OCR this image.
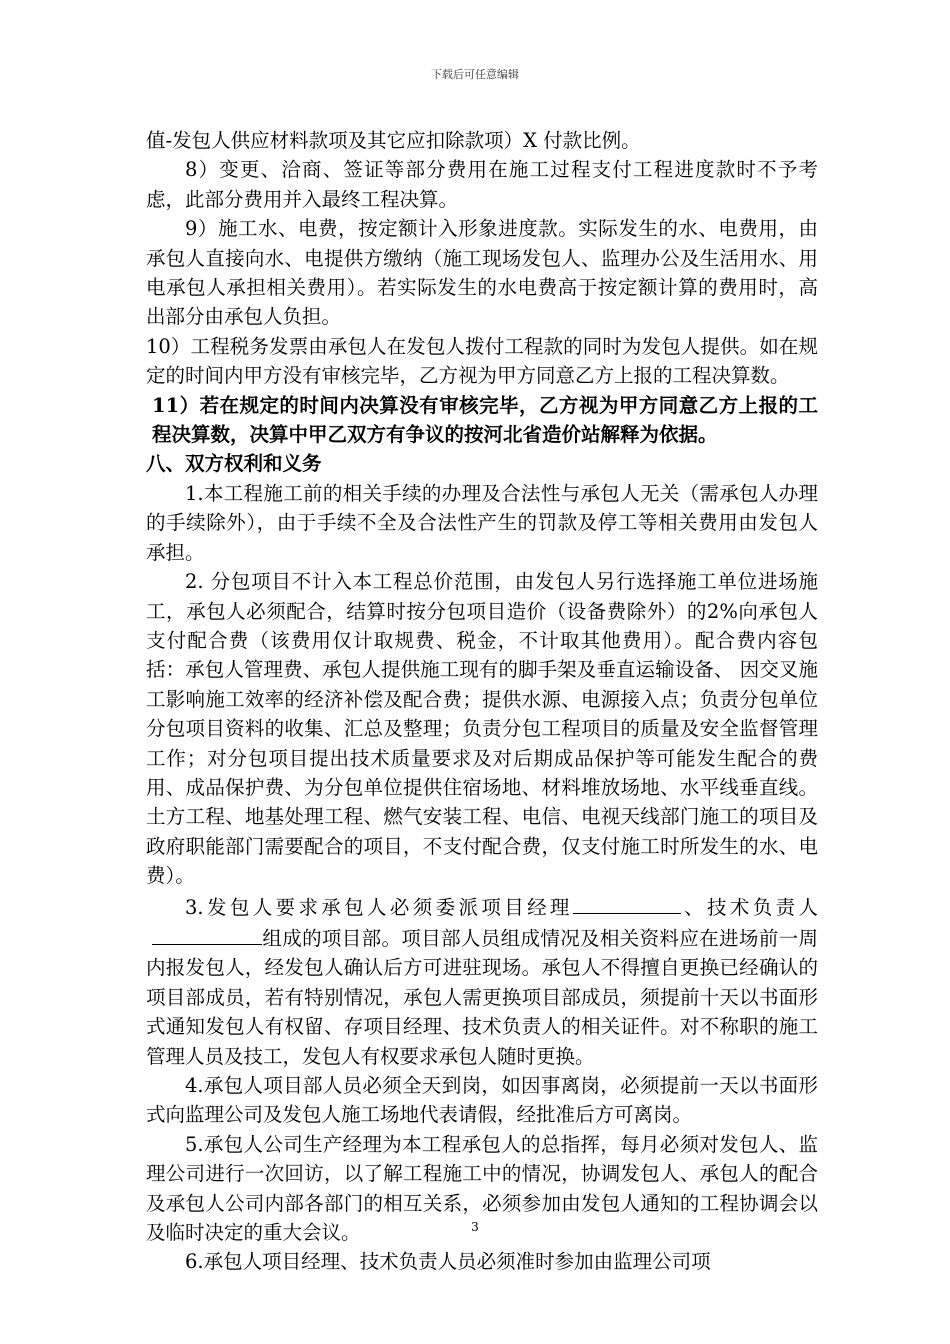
下载后可任意编辑

值-发包人供应材料款项及其它应扣除款项）X 付款比例。

8）变更、洽商、签证等部分费用在施工过程支付工程进度款时不予考虑，此部分费用并入最终工程决算。

9）施工水、电费，按定额计入形象进度款。实际发生的水、电费用，由承包人直接向水、电提供方缴纳（施工现场发包人、监理办公及生活用水、用电承包人承担相关费用）。若实际发生的水电费高于按定额计算的费用时，高出部分由承包人负担。

10）工程税务发票由承包人在发包人拨付工程款的同时为发包人提供。如在规定的时间内甲方没有审核完毕，乙方视为甲方同意乙方上报的工程决算数。

11）若在规定的时间内决算没有审核完毕，乙方视为甲方同意乙方上报的工程决算数，决算中甲乙双方有争议的按河北省造价站解释为依据。

八、双方权利和义务

1.本工程施工前的相关手续的办理及合法性与承包人无关（需承包人办理的手续除外），由于手续不全及合法性产生的罚款及停工等相关费用由发包人承担。

2. 分包项目不计入本工程总价范围，由发包人另行选择施工单位进场施工，承包人必须配合，结算时按分包项目造价（设备费除外）的2%向承包人支付配合费（该费用仅计取规费、税金，不计取其他费用）。配合费内容包括：承包人管理费、承包人提供施工现有的脚手架及垂直运输设备、 因交叉施工影响施工效率的经济补偿及配合费；提供水源、电源接入点；负责分包单位分包项目资料的收集、汇总及整理；负责分包工程项目的质量及安全监督管理工作；对分包项目提出技术质量要求及对后期成品保护等可能发生配合的费用、成品保护费、为分包单位提供住宿场地、材料堆放场地、水平线垂直线。土方工程、地基处理工程、燃气安装工程、电信、电视天线部门施工的项目及政府职能部门需要配合的项目，不支付配合费，仅支付施工时所发生的水、电费）。

3.发包人要求承包人必须委派项目经理	、技术负责人组成的项目部。项目部人员组成情况及相关资料应在进场前一周内报发包人，经发包人确认后方可进驻现场。承包人不得擅自更换已经确认的项目部成员，若有特别情况，承包人需更换项目部成员，须提前十天以书面形式通知发包人有权留、存项目经理、技术负责人的相关证件。对不称职的施工管理人员及技工，发包人有权要求承包人随时更换。

4.承包人项目部人员必须全天到岗，如因事离岗，必须提前一天以书面形式向监理公司及发包人施工场地代表请假，经批准后方可离岗。

5.承包人公司生产经理为本工程承包人的总指挥，每月必须对发包人、监理公司进行一次回访，以了解工程施工中的情况，协调发包人、承包人的配合及承包人公司内部各部门的相互关系，必须参加由发包人通知的工程协调会以及临时决定的重大会议。

6.承包人项目经理、技术负责人员必须准时参加由监理公司项

3
